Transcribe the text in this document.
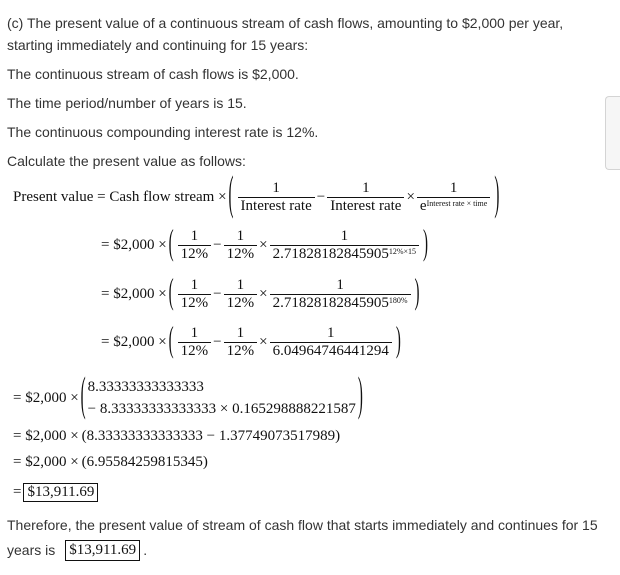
(c) The present value of a continuous stream of cash flows, amounting to $2,000 per year,
starting immediately and continuing for 15 years:
The continuous stream of cash flows is $2,000.
The time period/number of years is 15.
The continuous compounding interest rate is 12%.
Calculate the present value as follows:
Present value = Cash flow stream × ( $\frac{1}{\text{Interest rate}} - \frac{1}{\text{Interest rate}} \times \frac{1}{e^{Interest rate \times time}}$ )
= $2,000 × ( $\frac{1}{12\%} - \frac{1}{12\%} \times \frac{1}{2.71828182845905^{12\%\times 15}}$ )
= $2,000 × ( $\frac{1}{12\%} - \frac{1}{12\%} \times \frac{1}{2.71828182845905^{180\%}}$ )
= $2,000 × ( $\frac{1}{12\%} - \frac{1}{12\%} \times \frac{1}{6.04964746441294}$ )
= $2,000 × ( 8.33333333333333
− 8.33333333333333 × 0.165298888221587 )
= $2,000 × (8.33333333333333 − 1.37749073517989)
= $2,000 × (6.95584259815345)
= $13,911.69
Therefore, the present value of stream of cash flow that starts immediately and continues for 15
years is $13,911.69 .
